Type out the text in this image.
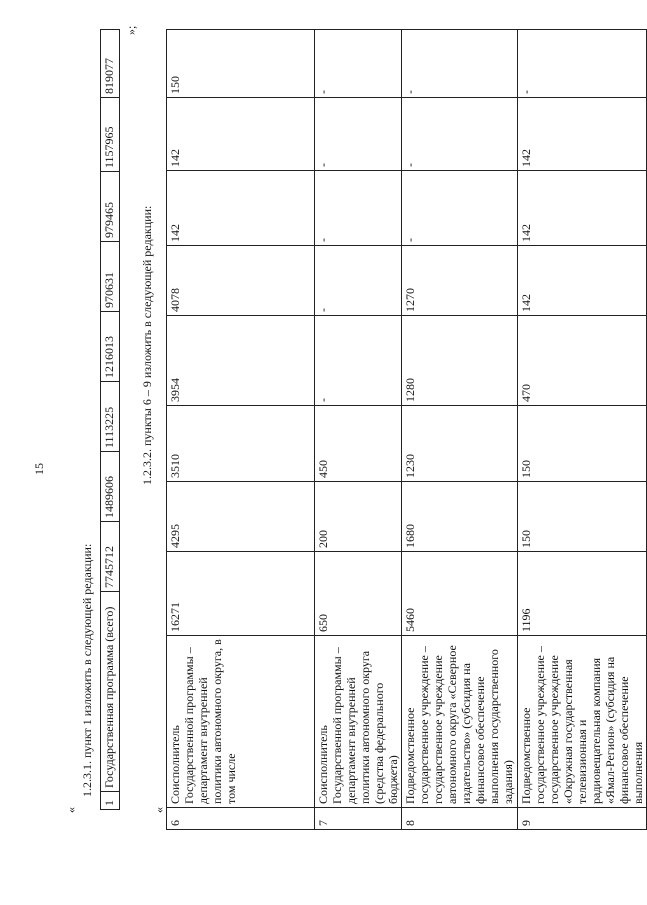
15
«
1.2.3.1. пункт 1 изложить в следующей редакции:
1	Государственная программа (всего)	7745712	1489606	1113225	1216013	970631	979465	1157965	819077
»;
1.2.3.2. пункты 6 – 9 изложить в следующей редакции:
«
6	Соисполнитель Государственной программы – департамент внутренней политики автономного округа, в том числе	16271	4295	3510	3954	4078	142	142	150
7	Соисполнитель Государственной программы – департамент внутренней политики автономного округа (средства федерального бюджета)	650	200	450	-	-	-	-	-
8	Подведомственное государственное учреждение – государственное учреждение автономного округа «Северное издательство» (субсидия на финансовое обеспечение выполнения государственного задания)	5460	1680	1230	1280	1270	-	-	-
9	Подведомственное государственное учреждение – государственное учреждение «Окружная государственная телевизионная и радиовещательная компания «Ямал-Регион» (субсидия на финансовое обеспечение выполнения	1196	150	150	470	142	142	142	-
